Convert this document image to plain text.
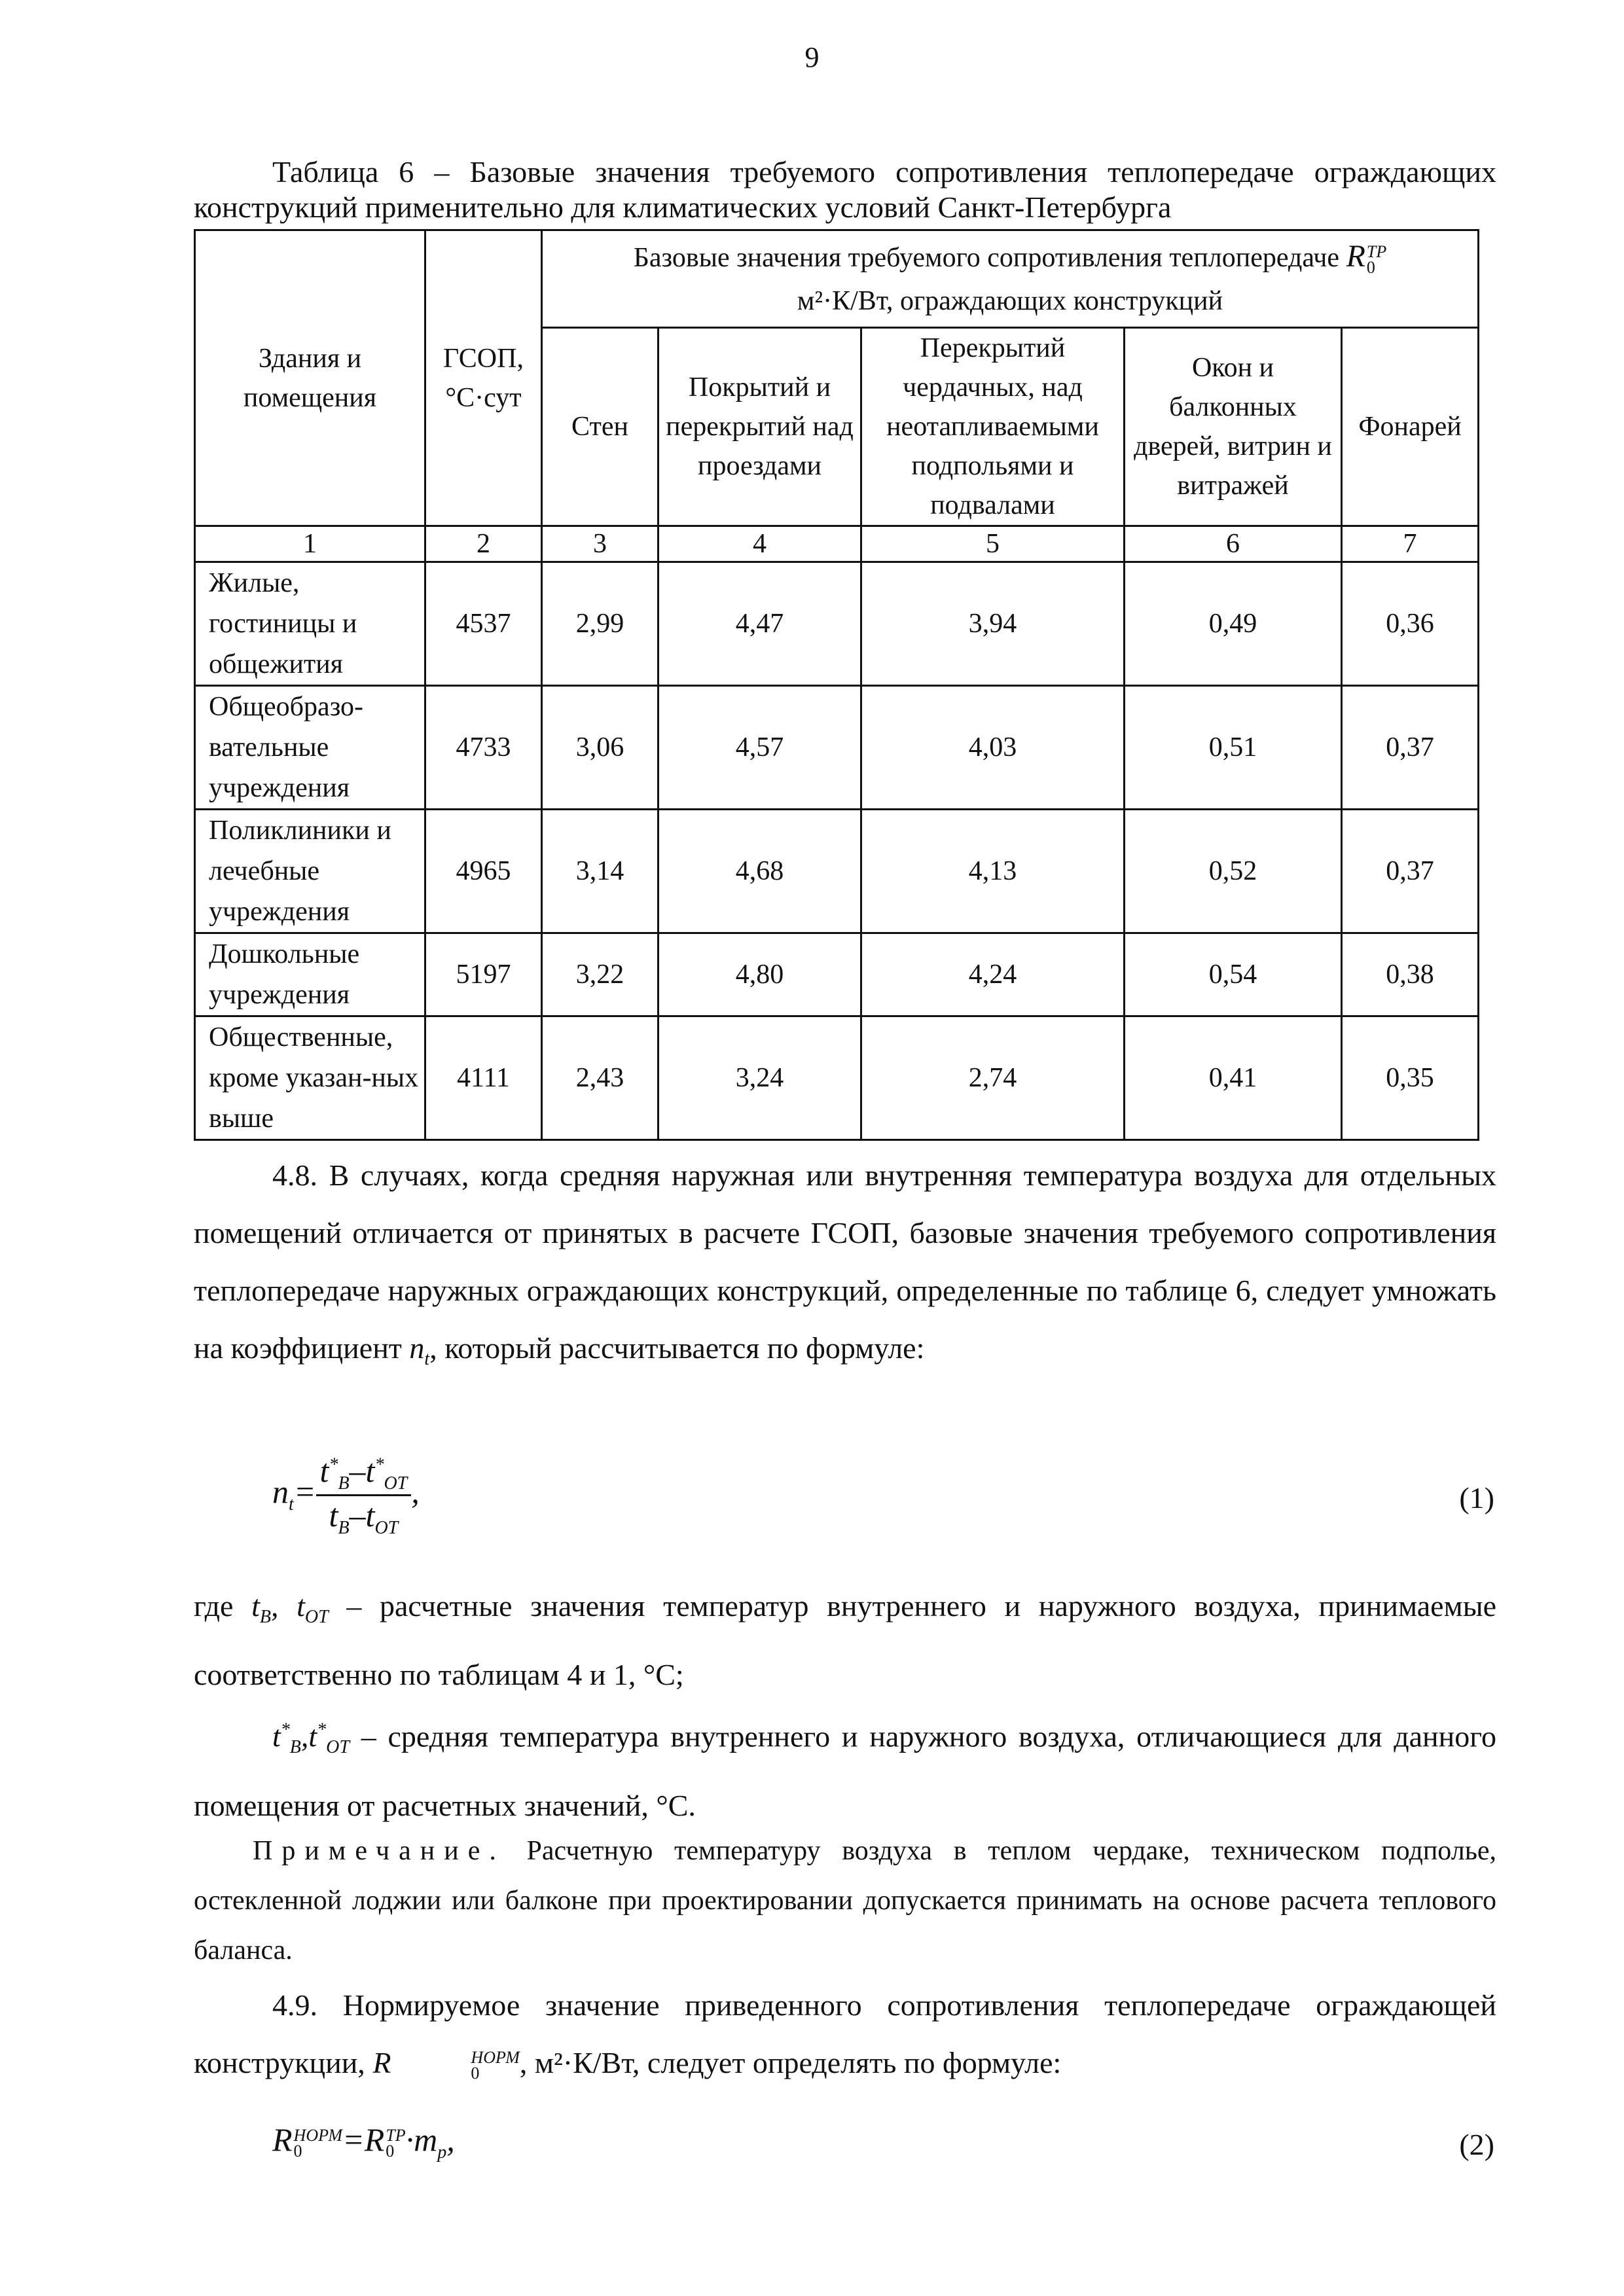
9
Таблица 6 – Базовые значения требуемого сопротивления теплопередаче ограждающих
конструкций применительно для климатических условий Санкт-Петербурга
Здания и помещения	ГСОП, °С·сут	Базовые значения требуемого сопротивления теплопередаче RТР
0

м²·К/Вт, ограждающих конструкций				
		Стен	Покрытий и перекрытий над проездами	Перекрытий чердачных, над неотапливаемыми подпольями и подвалами	Окон и балконных дверей, витрин и витражей	Фонарей
1	2	3	4	5	6	7
Жилые, гостиницы и общежития	4537	2,99	4,47	3,94	0,49	0,36
Общеобразо-вательные учреждения	4733	3,06	4,57	4,03	0,51	0,37
Поликлиники и лечебные учреждения	4965	3,14	4,68	4,13	0,52	0,37
Дошкольные учреждения	5197	3,22	4,80	4,24	0,54	0,38
Общественные, кроме указан-ных выше	4111	2,43	3,24	2,74	0,41	0,35
4.8. В случаях, когда средняя наружная или внутренняя температура воздуха для отдельных помещений отличается от принятых в расчете ГСОП, базовые значения требуемого сопротивления теплопередаче наружных ограждающих конструкций, определенные по таблице 6, следует умножать на коэффициент $n_t$, который рассчитывается по формуле:
$n_t= \frac{t^*_В-t^*_{ОТ}}{t_В-t_{ОТ}}$ ,	(1)
где $t_В$, $t_{ОТ}$ – расчетные значения температур внутреннего и наружного воздуха, принимаемые соответственно по таблицам 4 и 1, °С;
$t^*_В,t^*_{ОТ}$ – средняя температура внутреннего и наружного воздуха, отличающиеся для данного помещения от расчетных значений, °С.
Примечание. Расчетную температуру воздуха в теплом чердаке, техническом подполье, остекленной лоджии или балконе при проектировании допускается принимать на основе расчета теплового баланса.
4.9. Нормируемое значение приведенного сопротивления теплопередаче ограждающей конструкции, R	НОРМ
0	, м²·К/Вт, следует определять по формуле:
RНОРМ
0	=RТР
$0 \cdot m_p$,	(2)
